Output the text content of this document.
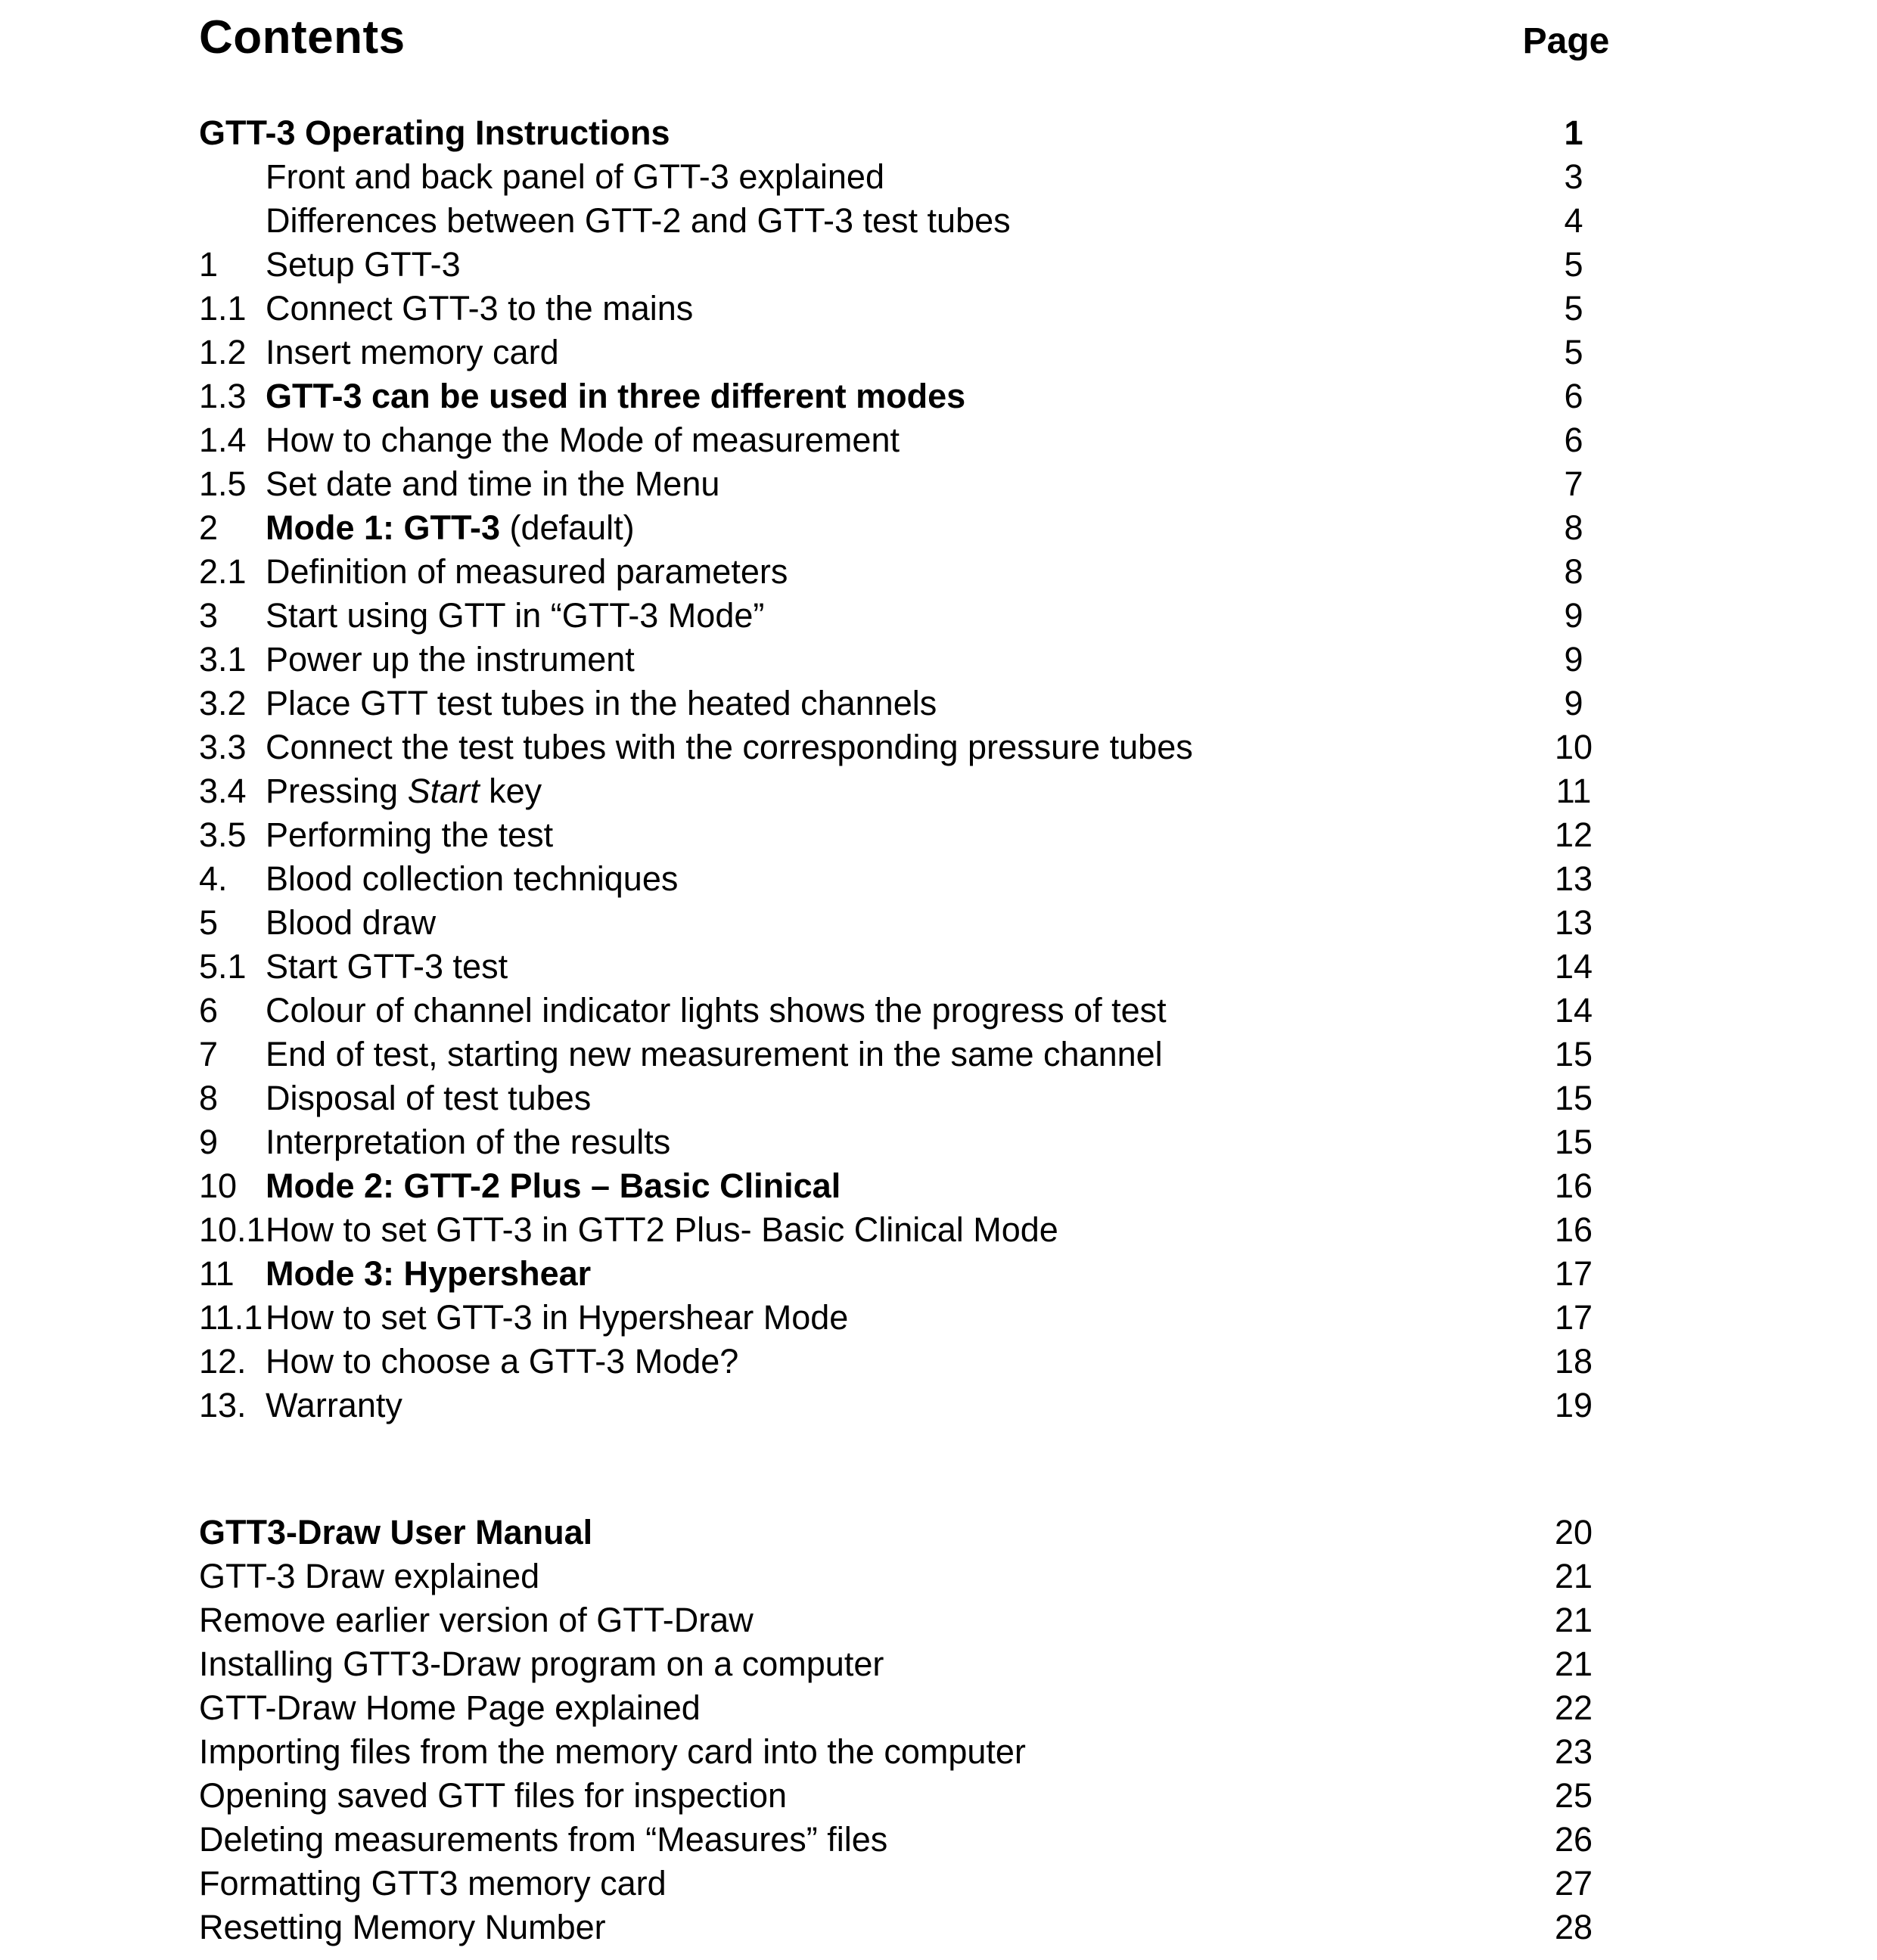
Contents	Page
GTT-3 Operating Instructions	1
Front and back panel of GTT-3 explained	3
Differences between GTT-2 and GTT-3 test tubes	4
1	Setup GTT-3	5
1.1 Connect GTT-3 to the mains	5
1.2 Insert memory card	5
1.3 GTT-3 can be used in three different modes	6
1.4 How to change the Mode of measurement	6
1.5 Set date and time in the Menu	7
2	Mode 1: GTT-3 (default)	8
2.1 Definition of measured parameters	8
3	Start using GTT in “GTT-3 Mode”	9
3.1 Power up the instrument	9
3.2 Place GTT test tubes in the heated channels	9
3.3 Connect the test tubes with the corresponding pressure tubes	10
3.4 Pressing Start key	11
3.5 Performing the test	12
4.	Blood collection techniques	13
5	Blood draw	13
5.1 Start GTT-3 test	14
6	Colour of channel indicator lights shows the progress of test	14
7	End of test, starting new measurement in the same channel	15
8	Disposal of test tubes	15
9	Interpretation of the results	15
10 Mode 2: GTT-2 Plus – Basic Clinical	16
10.1 How to set GTT-3 in GTT2 Plus- Basic Clinical Mode	16
11 Mode 3: Hypershear	17
11.1 How to set GTT-3 in Hypershear Mode	17
12. How to choose a GTT-3 Mode?	18
13. Warranty	19
GTT3-Draw User Manual	20
GTT-3 Draw explained	21
Remove earlier version of GTT-Draw	21
Installing GTT3-Draw program on a computer	21
GTT-Draw Home Page explained	22
Importing files from the memory card into the computer	23
Opening saved GTT files for inspection	25
Deleting measurements from “Measures” files	26
Formatting GTT3 memory card	27
Resetting Memory Number	28
